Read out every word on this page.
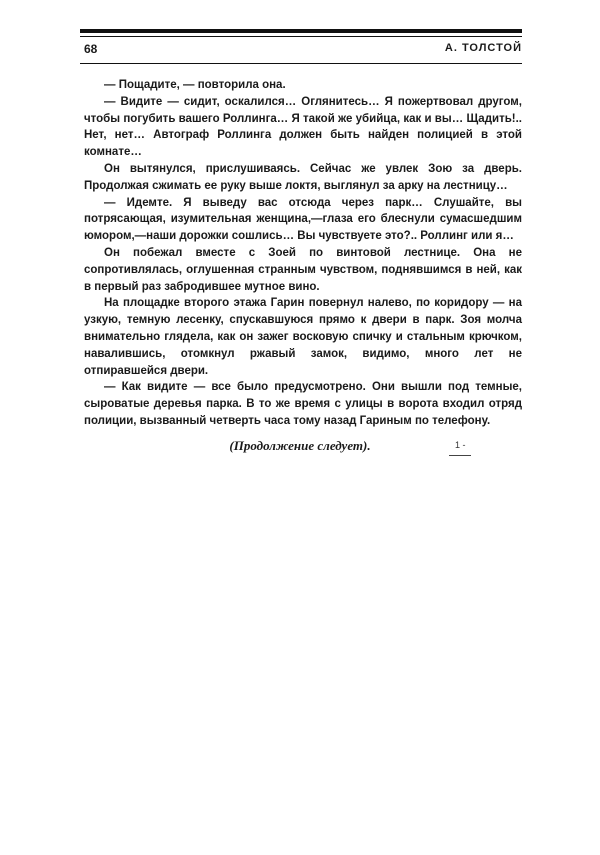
68	А. ТОЛСТОЙ

— Пощадите, — повторила она.

— Видите — сидит, оскалился… Оглянитесь… Я пожертвовал другом, чтобы погубить вашего Роллинга… Я такой же убийца, как и вы… Щадить!.. Нет, нет… Автограф Роллинга должен быть найден полицией в этой комнате…

Он вытянулся, прислушиваясь. Сейчас же увлек Зою за дверь. Продолжая сжимать ее руку выше локтя, выглянул за арку на лестницу…

— Идемте. Я выведу вас отсюда через парк… Слушайте, вы потрясающая, изумительная женщина,—глаза его блеснули сумасшедшим юмором,—наши дорожки сошлись… Вы чувствуете это?.. Роллинг или я…

Он побежал вместе с Зоей по винтовой лестнице. Она не сопротивлялась, оглушенная странным чувством, поднявшимся в ней, как в первый раз забродившее мутное вино.

На площадке второго этажа Гарин повернул налево, по коридору — на узкую, темную лесенку, спускавшуюся прямо к двери в парк. Зоя молча внимательно глядела, как он зажег восковую спичку и стальным крючком, навалившись, отомкнул ржавый замок, видимо, много лет не отпиравшейся двери.

— Как видите — все было предусмотрено. Они вышли под темные, сыроватые деревья парка. В то же время с улицы в ворота входил отряд полиции, вызванный четверть часа тому назад Гариным по телефону.

(Продолжение следует).	1 -
